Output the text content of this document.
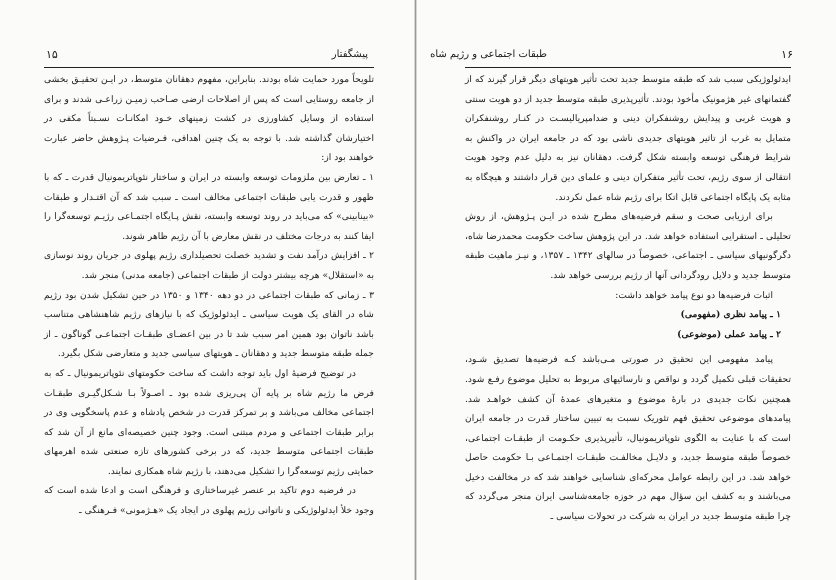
۱۵	پیشگفتار

تلویحاً مورد حمایت شاه بودند. بنابراین، مفهوم دهقانان متوسط، در ایـن تحقیـق بخشی از جامعه روستایی است که پس از اصلاحات ارضی صـاحب زمیـن زراعـی شدند و برای استفاده از وسایل کشاورزی در کشت زمینهای خـود امکانـات نسـبتاً مکفی در اختیارشان گذاشته شد. با توجه به یک چنین اهدافی، فـرضیات پـژوهش حاضر عبارت خواهند بود از:

۱ ـ تعارض بین ملزومات توسعه وابسته در ایران و ساختار نئوپاتریمونیال قدرت ـ که با ظهور و قدرت یابی طبقات اجتماعی مخالف است ـ سبب شد که آن اقتـدار و طبقات «بینابینی» که می‌باید در روند توسعه وابسته، نقش پـایگاه اجتمـاعی رژیـم توسعه‌گرا را ایفا کنند به درجات مختلف در نقش معارض با آن رژیم ظاهر شوند.

۲ ـ افزایش درآمد نفت و تشدید خصلت تحصیلداری رژیم پهلوی در جریان روند نوسازی به «استقلال» هرچه بیشتر دولت از طبقات اجتماعی (جامعه مدنی) منجر شد.

۳ ـ زمانی که طبقات اجتماعی در دو دهه ۱۳۴۰ و ۱۳۵۰ در حین تشکیل شدن بود رژیم شاه در القای یک هویت سیاسی ـ ایدئولوژیک که با نیازهای رژیم شاهنشاهی متناسب باشد ناتوان بود همین امر سبب شد تا در بین اعضـای طبقـات اجتماعـی گوناگون ـ از جمله طبقه متوسط جدید و دهقانان ـ هویتهای سیاسی جدید و متعارضی شکل بگیرد.

در توضیح فرضیهٔ اول باید توجه داشت که ساخت حکومتهای نئوپاتریمونیال ـ که به فرض ما رژیم شاه بر پایه آن پی‌ریزی شده بود ـ اصـولاً بـا شـکل‌گیـری طبقـات اجتماعی مخالف می‌باشد و بر تمرکز قدرت در شخص پادشاه و عدم پاسخگویی وی در برابر طبقات اجتماعی و مردم مبتنی است. وجود چنین خصیصه‌ای مانع از آن شد که طبقات اجتماعی متوسط جدید، که در برخی کشورهای تازه صنعتی شده اهرمهای حمایتی رژیم توسعه‌گرا را تشکیل می‌دهند، با رژیم شاه همکاری نمایند.

در فرضیه دوم تاکید بر عنصر غیرساختاری و فرهنگی است و ادعا شده است که وجود خلأ ایدئولوژیکی و ناتوانی رژیم پهلوی در ایجاد یک «هـژمونی» فـرهنگی ـ

طبقات اجتماعی و رژیم شاه	۱۶

ایدئولوژیکی سبب شد که طبقه متوسط جدید تحت تأثیر هویتهای دیگر قرار گیرند که از گفتمانهای غیر هژمونیک مأخوذ بودند. تأثیرپذیری طبقه متوسط جدید از دو هویت سنتی و هویت غربی و پیدایش روشنفکران دینی و ضدامپریالیسـت در کنـار روشنفکران متمایل به غرب از تاثیر هویتهای جدیدی ناشی بود که در جامعه ایران در واکنش به شرایط فرهنگی توسعه وابسته شکل گرفت. دهقانان نیز به دلیل عدم وجود هویت انتقالی از سوی رژیم، تحت تأثیر متفکران دینی و علمای دین قرار داشتند و هیچگاه به مثابه یک پایگاه اجتماعی قابل اتکا برای رژیم شاه عمل نکردند.

برای ارزیابی صحت و سقم فرضیه‌های مطرح شده در ایـن پـژوهش، از روش تحلیلی ـ استقرایی استفاده خواهد شد. در این پژوهش ساخت حکومت محمدرضا شاه، دگرگونیهای سیاسی ـ اجتماعی، خصوصاً در سالهای ۱۳۴۲ ـ ۱۳۵۷، و نیـز ماهیت طبقه متوسط جدید و دلایل رودگردانی آنها از رژیم بررسی خواهد شد.

اثبات فرضیه‌ها دو نوع پیامد خواهد داشت:

۱ ـ پیامد نظری (مفهومی)

۲ ـ پیامد عملی (موضوعی)

پیامد مفهومی این تحقیق در صورتی مـی‌باشد کـه فرضیه‌ها تصدیق شـود، تحقیقات قبلی تکمیل گردد و نواقص و نارسائیهای مربوط به تحلیل موضوع رفـع شود. همچنین نکات جدیدی در بارهٔ موضوع و متغیرهای عمدهٔ آن کشف خواهـد شد. پیامدهای موضوعی تحقیق فهم تئوریک نسبت به تبیین ساختار قدرت در جامعه ایران است که با عنایت به الگوی نئوپاتریمونیال، تأثیرپذیری حکـومت از طبقـات اجتماعی، خصوصاً طبقه متوسط جدید، و دلایـل مخالفـت طبقـات اجتمـاعی بـا حکومت حاصل خواهد شد. در این رابطه عوامل محرکه‌ای شناسایی خواهند شد که در مخالفت دخیل می‌باشند و به کشف این سؤال مهم در حوزه جامعه‌شناسی ایران منجر می‌گردد که چرا طبقه متوسط جدید در ایران به شرکت در تحولات سیاسی ـ
